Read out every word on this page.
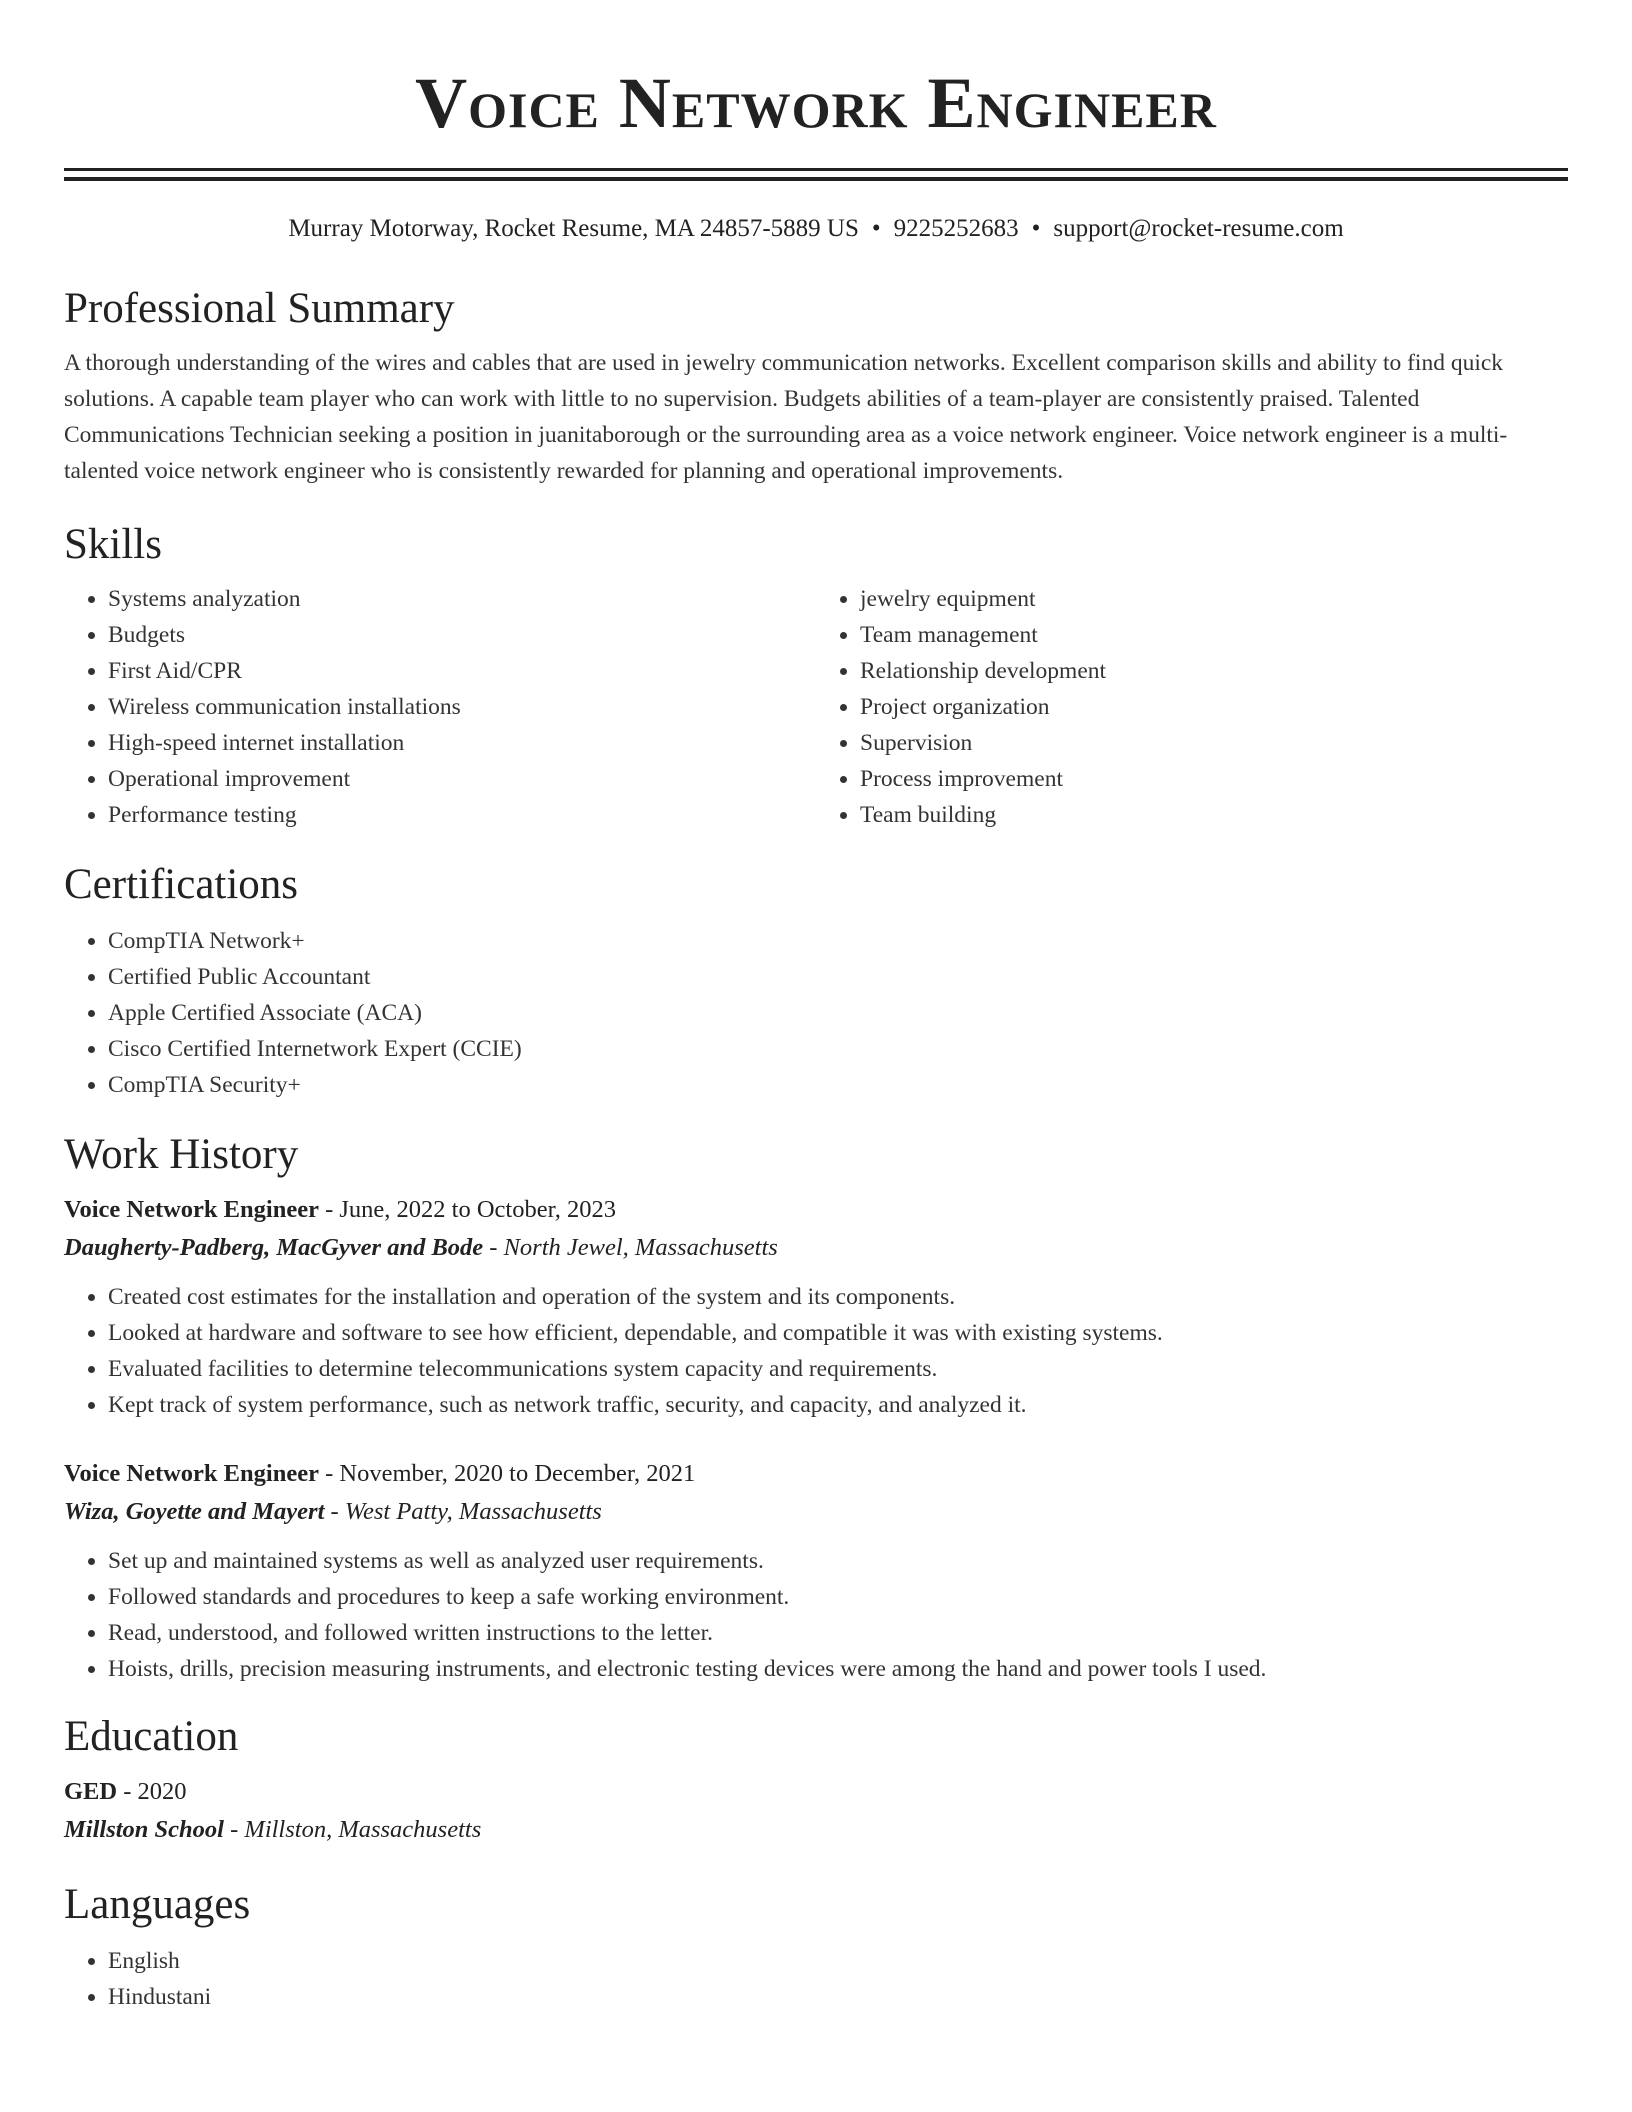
Voice Network Engineer
Murray Motorway, Rocket Resume, MA 24857-5889 US • 9225252683 • support@rocket-resume.com
Professional Summary
A thorough understanding of the wires and cables that are used in jewelry communication networks. Excellent comparison skills and ability to find quick solutions. A capable team player who can work with little to no supervision. Budgets abilities of a team-player are consistently praised. Talented Communications Technician seeking a position in juanitaborough or the surrounding area as a voice network engineer. Voice network engineer is a multi-talented voice network engineer who is consistently rewarded for planning and operational improvements.
Skills
• Systems analyzation
• Budgets
• First Aid/CPR
• Wireless communication installations
• High-speed internet installation
• Operational improvement
• Performance testing
• jewelry equipment
• Team management
• Relationship development
• Project organization
• Supervision
• Process improvement
• Team building
Certifications
• CompTIA Network+
• Certified Public Accountant
• Apple Certified Associate (ACA)
• Cisco Certified Internetwork Expert (CCIE)
• CompTIA Security+
Work History
Voice Network Engineer - June, 2022 to October, 2023
Daugherty-Padberg, MacGyver and Bode - North Jewel, Massachusetts
• Created cost estimates for the installation and operation of the system and its components.
• Looked at hardware and software to see how efficient, dependable, and compatible it was with existing systems.
• Evaluated facilities to determine telecommunications system capacity and requirements.
• Kept track of system performance, such as network traffic, security, and capacity, and analyzed it.
Voice Network Engineer - November, 2020 to December, 2021
Wiza, Goyette and Mayert - West Patty, Massachusetts
• Set up and maintained systems as well as analyzed user requirements.
• Followed standards and procedures to keep a safe working environment.
• Read, understood, and followed written instructions to the letter.
• Hoists, drills, precision measuring instruments, and electronic testing devices were among the hand and power tools I used.
Education
GED - 2020
Millston School - Millston, Massachusetts
Languages
• English
• Hindustani
